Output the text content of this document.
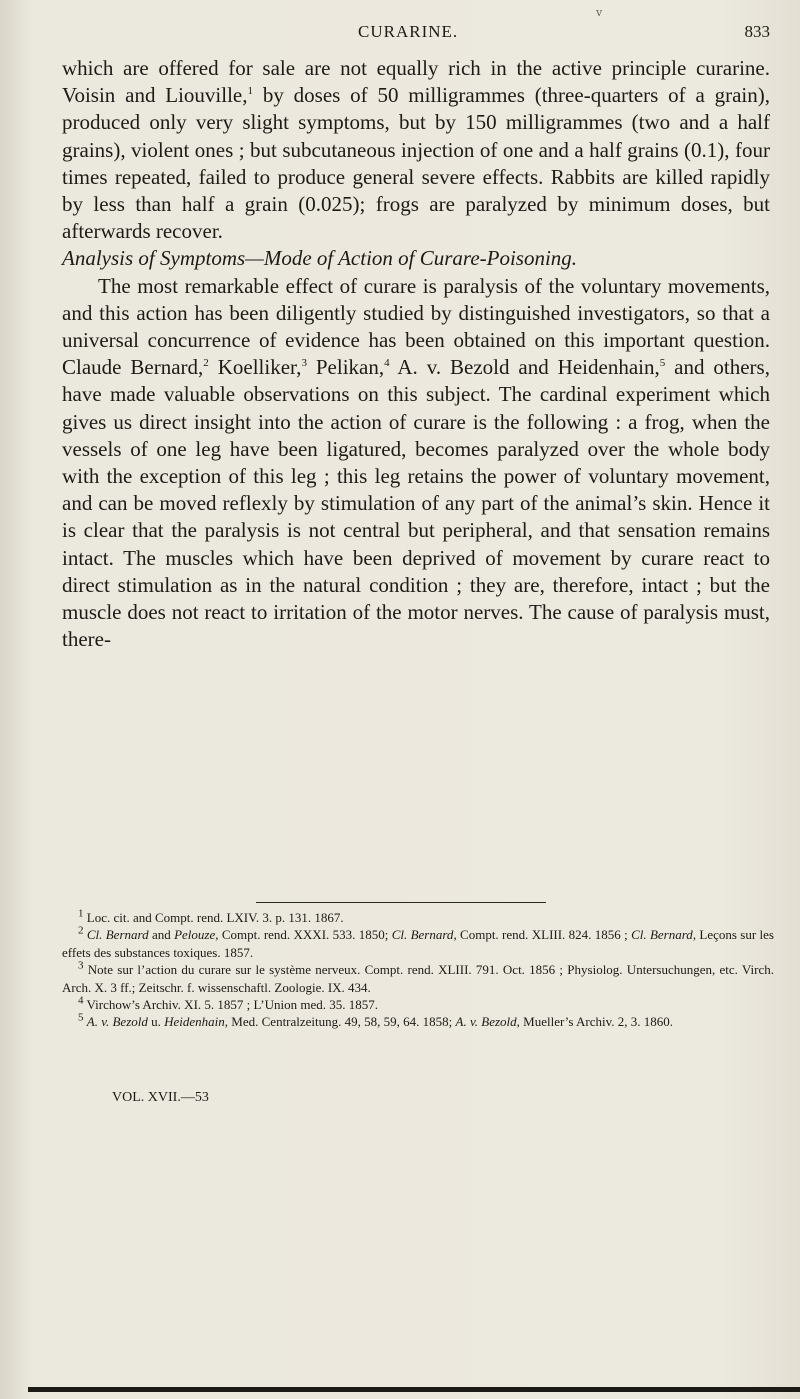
v
CURARINE.	833

which are offered for sale are not equally rich in the active principle curarine. Voisin and Liouville,$^1$ by doses of 50 milligrammes (three-quarters of a grain), produced only very slight symptoms, but by 150 milligrammes (two and a half grains), violent ones ; but subcutaneous injection of one and a half grains (0.1), four times repeated, failed to produce general severe effects. Rabbits are killed rapidly by less than half a grain (0.025); frogs are paralyzed by minimum doses, but afterwards recover.

Analysis of Symptoms—Mode of Action of Curare-Poisoning.

The most remarkable effect of curare is paralysis of the voluntary movements, and this action has been diligently studied by distinguished investigators, so that a universal concurrence of evidence has been obtained on this important question. Claude Bernard,$^2$ Koelliker,$^3$ Pelikan,$^4$ A. v. Bezold and Heidenhain,$^5$ and others, have made valuable observations on this subject. The cardinal experiment which gives us direct insight into the action of curare is the following : a frog, when the vessels of one leg have been ligatured, becomes paralyzed over the whole body with the exception of this leg ; this leg retains the power of voluntary movement, and can be moved reflexly by stimulation of any part of the animal’s skin. Hence it is clear that the paralysis is not central but peripheral, and that sensation remains intact. The muscles which have been deprived of movement by curare react to direct stimulation as in the natural condition ; they are, therefore, intact ; but the muscle does not react to irritation of the motor nerves. The cause of paralysis must, there-

$^1$ Loc. cit. and Compt. rend. LXIV. 3. p. 131. 1867.

$^2$ Cl. Bernard and Pelouze, Compt. rend. XXXI. 533. 1850; Cl. Bernard, Compt. rend. XLIII. 824. 1856 ; Cl. Bernard, Leçons sur les effets des substances toxiques. 1857.

$^3$ Note sur l’action du curare sur le système nerveux. Compt. rend. XLIII. 791. Oct. 1856 ; Physiolog. Untersuchungen, etc. Virch. Arch. X. 3 ff.; Zeitschr. f. wissenschaftl. Zoologie. IX. 434.

$^4$ Virchow’s Archiv. XI. 5. 1857 ; L’Union med. 35. 1857.

$^5$ A. v. Bezold u. Heidenhain, Med. Centralzeitung. 49, 58, 59, 64. 1858; A. v. Bezold, Mueller’s Archiv. 2, 3. 1860.

VOL. XVII.—53
